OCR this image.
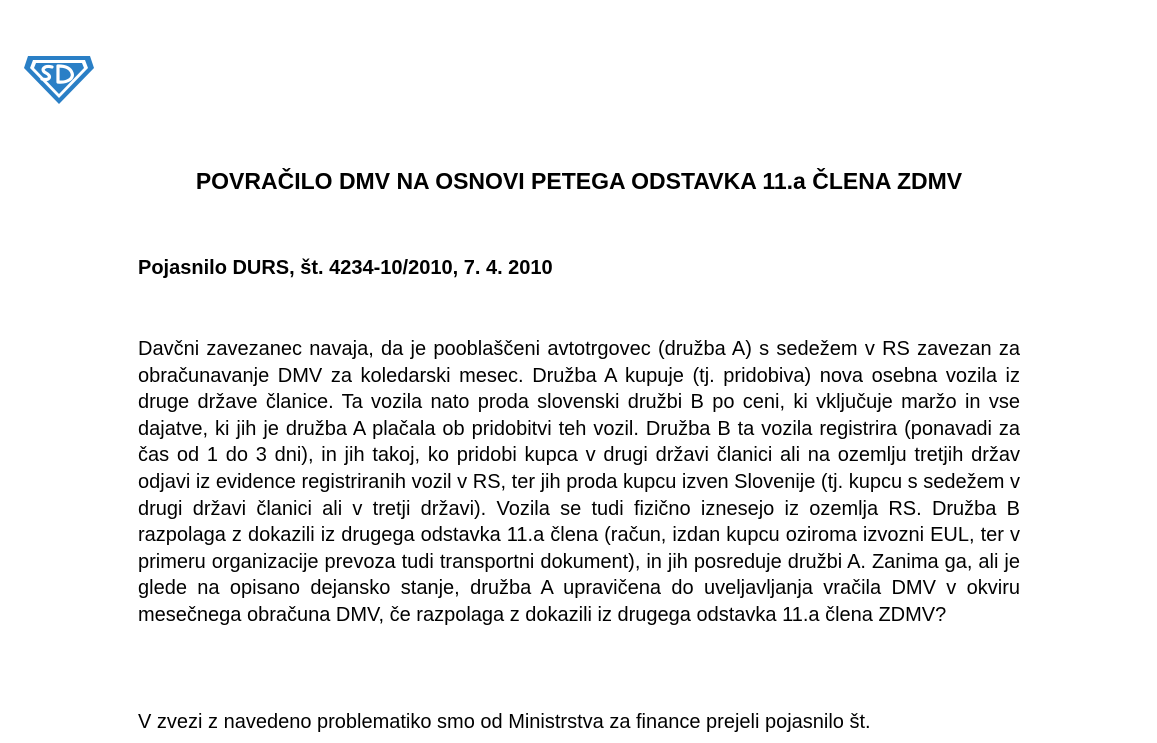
POVRAČILO DMV NA OSNOVI PETEGA ODSTAVKA 11.a ČLENA ZDMV

Pojasnilo DURS, št. 4234-10/2010, 7. 4. 2010

Davčni zavezanec navaja, da je pooblaščeni avtotrgovec (družba A) s sedežem v RS zavezan za obračunavanje DMV za koledarski mesec. Družba A kupuje (tj. pridobiva) nova osebna vozila iz druge države članice. Ta vozila nato proda slovenski družbi B po ceni, ki vključuje maržo in vse dajatve, ki jih je družba A plačala ob pridobitvi teh vozil. Družba B ta vozila registrira (ponavadi za čas od 1 do 3 dni), in jih takoj, ko pridobi kupca v drugi državi članici ali na ozemlju tretjih držav odjavi iz evidence registriranih vozil v RS, ter jih proda kupcu izven Slovenije (tj. kupcu s sedežem v drugi državi članici ali v tretji državi). Vozila se tudi fizično iznesejo iz ozemlja RS. Družba B razpolaga z dokazili iz drugega odstavka 11.a člena (račun, izdan kupcu oziroma izvozni EUL, ter v primeru organizacije prevoza tudi transportni dokument), in jih posreduje družbi A. Zanima ga, ali je glede na opisano dejansko stanje, družba A upravičena do uveljavljanja vračila DMV v okviru mesečnega obračuna DMV, če razpolaga z dokazili iz drugega odstavka 11.a člena ZDMV?

V zvezi z navedeno problematiko smo od Ministrstva za finance prejeli pojasnilo št.
